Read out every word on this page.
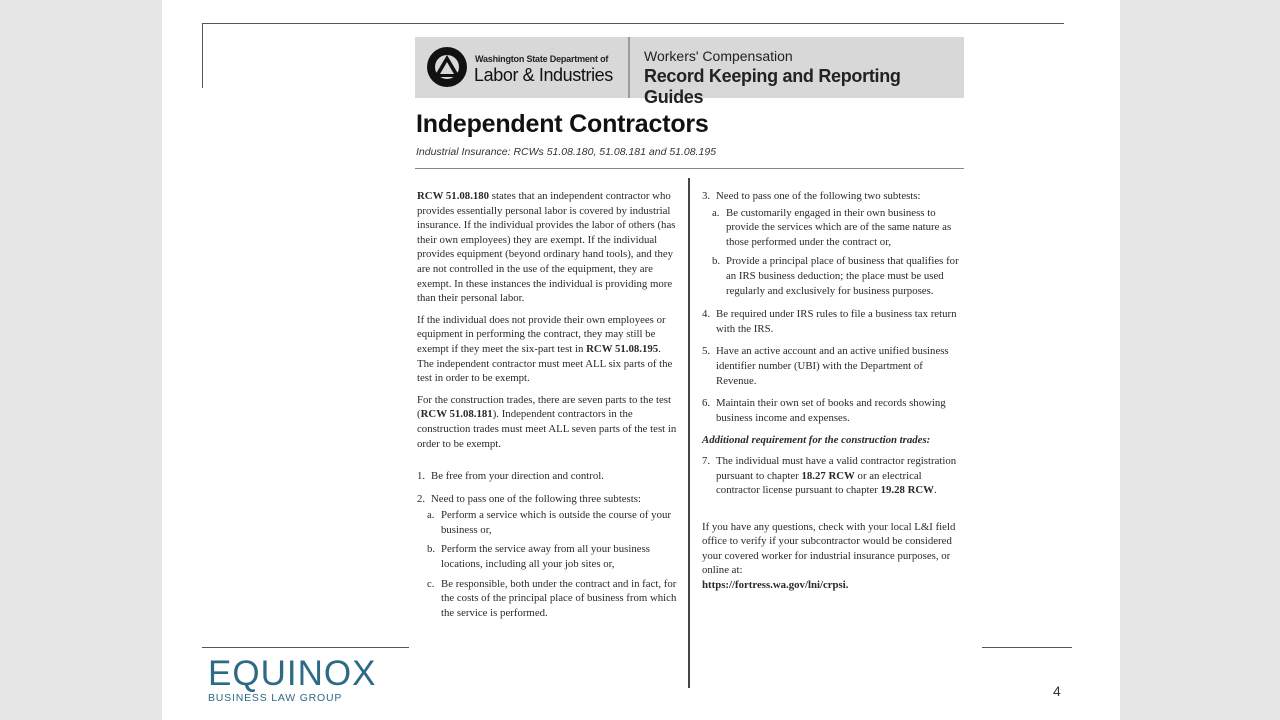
Washington State Department of
Labor & Industries
Workers' Compensation
Record Keeping and Reporting Guides
Independent Contractors
Industrial Insurance: RCWs 51.08.180, 51.08.181 and 51.08.195

RCW 51.08.180 states that an independent contractor who provides essentially personal labor is covered by industrial insurance. If the individual provides the labor of others (has their own employees) they are exempt. If the individual provides equipment (beyond ordinary hand tools), and they are not controlled in the use of the equipment, they are exempt. In these instances the individual is providing more than their personal labor.

If the individual does not provide their own employees or equipment in performing the contract, they may still be exempt if they meet the six-part test in RCW 51.08.195. The independent contractor must meet ALL six parts of the test in order to be exempt.

For the construction trades, there are seven parts to the test (RCW 51.08.181). Independent contractors in the construction trades must meet ALL seven parts of the test in order to be exempt.

1. Be free from your direction and control.
2. Need to pass one of the following three subtests:
a. Perform a service which is outside the course of your business or,
b. Perform the service away from all your business locations, including all your job sites or,
c. Be responsible, both under the contract and in fact, for the costs of the principal place of business from which the service is performed.
3. Need to pass one of the following two subtests:
a. Be customarily engaged in their own business to provide the services which are of the same nature as those performed under the contract or,
b. Provide a principal place of business that qualifies for an IRS business deduction; the place must be used regularly and exclusively for business purposes.
4. Be required under IRS rules to file a business tax return with the IRS.
5. Have an active account and an active unified business identifier number (UBI) with the Department of Revenue.
6. Maintain their own set of books and records showing business income and expenses.
Additional requirement for the construction trades:
7. The individual must have a valid contractor registration pursuant to chapter 18.27 RCW or an electrical contractor license pursuant to chapter 19.28 RCW.

If you have any questions, check with your local L&I field office to verify if your subcontractor would be considered your covered worker for industrial insurance purposes, or online at:

https://fortress.wa.gov/lni/crpsi.
EQUINOX
BUSINESS LAW GROUP	4
